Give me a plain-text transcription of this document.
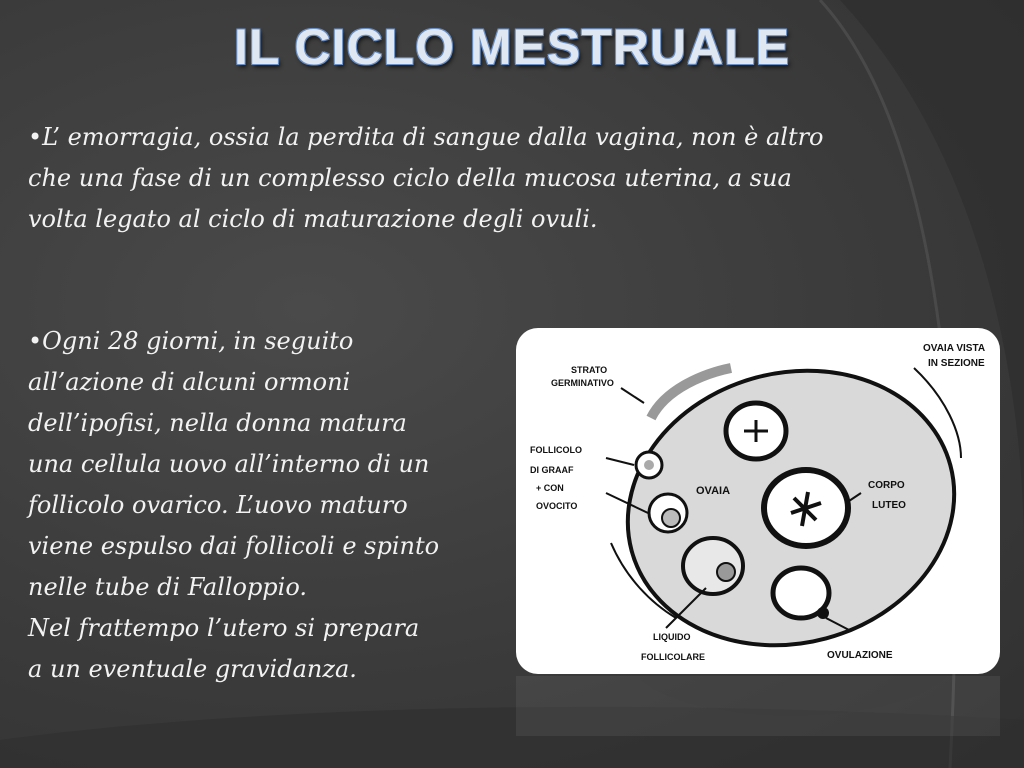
IL CICLO MESTRUALE
•L’ emorragia, ossia la perdita di sangue dalla vagina, non è altro
che una fase di un complesso ciclo della mucosa uterina, a sua
volta legato al ciclo di maturazione degli ovuli.
•Ogni 28 giorni, in seguito
all’azione di alcuni ormoni
dell’ipofisi, nella donna matura
una cellula uovo all’interno di un
follicolo ovarico. L’uovo maturo
viene espulso dai follicoli e spinto
nelle tube di Falloppio.
Nel frattempo l’utero si prepara
a un eventuale gravidanza.
OVAIA VISTA
IN SEZIONE
STRATO
GERMINATIVO
FOLLICOLO
DI GRAAF
+ CON
OVOCITO
OVAIA	CORPO
LUTEO
LIQUIDO
FOLLICOLARE	OVULAZIONE
